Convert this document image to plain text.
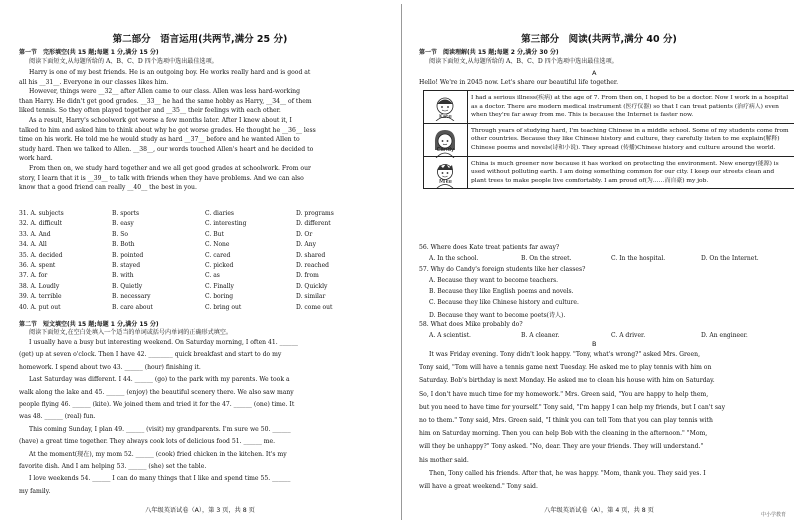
第二部分　语言运用(共两节,满分 25 分)
第一节　完形填空(共 15 题;每题 1 分,满分 15 分)
阅读下面短文,从每题所给的 A、B、C、D 四个选项中选出最佳选项。
Harry is one of my best friends. He is an outgoing boy. He works really hard and is good at
all his __31__. Everyone in our classes likes him.
However, things were __32__ after Allen came to our class. Allen was less hard-working
than Harry. He didn't get good grades. __33__ he had the same hobby as Harry, __34__ of them
liked tennis. So they often played together and __35__ their feelings with each other.
As a result, Harry's schoolwork got worse a few months later. After I knew about it, I
talked to him and asked him to think about why he got worse grades. He thought he __36__ less
time on his work. He told me he would study as hard __37__ before and he wanted Allen to
study hard. Then we talked to Allen. __38__, our words touched Allen's heart and he decided to
work hard.
From then on, we study hard together and we all get good grades at schoolwork. From our
story, I learn that it is __39__ to talk with friends when they have problems. And we can also
know that a good friend can really __40__ the best in you.
31. A. subjects	B. sports	C. diaries	D. programs
32. A. difficult	B. easy	C. interesting	D. different
33. A. And	B. So	C. But	D. Or
34. A. All	B. Both	C. None	D. Any
35. A. decided	B. pointed	C. cared	D. shared
36. A. spent	B. stayed	C. picked	D. reached
37. A. for	B. with	C. as	D. from
38. A. Loudly	B. Quietly	C. Finally	D. Quickly
39. A. terrible	B. necessary	C. boring	D. similar
40. A. put out	B. care about	C. bring out	D. come out
第二节　短文填空(共 15 题;每题 1 分,满分 15 分)
阅读下面短文,在空白处填入一个适当的单词或括号内单词的正确形式填空。
I usually have a busy but interesting weekend. On Saturday morning, I often 41. ______
(get) up at seven o'clock. Then I have 42. ________ quick breakfast and start to do my
homework. I spend about two 43. ______ (hour) finishing it.
Last Saturday was different. I 44. ______ (go) to the park with my parents. We took a
walk along the lake and 45. ______ (enjoy) the beautiful scenery there. We also saw many
people flying 46. ______ (kite). We joined them and tried it for the 47. ______ (one) time. It
was 48. ______ (real) fun.
This coming Sunday, I plan 49. ______ (visit) my grandparents. I'm sure we 50. ______
(have) a great time together. They always cook lots of delicious food 51. ______ me.
At the moment(现在), my mom 52. ______ (cook) fried chicken in the kitchen. It's my
favorite dish. And I am helping 53. ______ (she) set the table.
I love weekends 54. ______ I can do many things that I like and spend time 55. ______
my family.
八年级英语试卷（A），第 3 页，共 8 页
第三部分　阅读(共两节,满分 40 分)
第一节　阅读理解(共 15 题;每题 2 分,满分 30 分)
阅读下面短文,从每题所给的 A、B、C、D 四个选项中选出最佳选项。
A
Hello! We're in 2045 now. Let's share our beautiful life together.
Kate
I had a serious illness(疾病) at the age of 7. From then on, I hoped to be a doctor. Now I work in a hospital as a doctor. There are modern medical instrument (医疗仪器) so that I can treat patients (治疗病人) even when they're far away from me. This is because the Internet is faster now.
Candy
Through years of studying hard, I'm teaching Chinese in a middle school. Some of my students come from other countries. Because they like Chinese history and culture, they carefully listen to me explain(解释) Chinese poems and novels(诗和小说). They spread (传播)Chinese history and culture around the world.
Mike
China is much greener now because it has worked on protecting the environment. New energy(能源) is used without polluting earth. I am doing something common for our city. I keep our streets clean and plant trees to make people live comfortably. I am proud of(为……而自豪) my job.
56. Where does Kate treat patients far away?
A. In the school.	B. On the street.	C. In the hospital.	D. On the Internet.
57. Why do Candy's foreign students like her classes?
A. Because they want to become teachers.
B. Because they like English poems and novels.
C. Because they like Chinese history and culture.
D. Because they want to become poets(诗人).
58. What does Mike probably do?
A. A scientist.	B. A cleaner.	C. A driver.	D. An engineer.
B
It was Friday evening. Tony didn't look happy. "Tony, what's wrong?" asked Mrs. Green,
Tony said, "Tom will have a tennis game next Tuesday. He asked me to play tennis with him on
Saturday. Bob's birthday is next Monday. He asked me to clean his house with him on Saturday.
So, I don't have much time for my homework." Mrs. Green said, "You are happy to help them,
but you need to have time for yourself." Tony said, "I'm happy I can help my friends, but I can't say
no to them." Tony said, Mrs. Green said, "I think you can tell Tom that you can play tennis with
him on Saturday morning. Then you can help Bob with the cleaning in the afternoon." "Mom,
will they be unhappy?" Tony asked. "No, dear. They are your friends. They will understand."
his mother said.
Then, Tony called his friends. After that, he was happy. "Mom, thank you. They said yes. I
will have a great weekend." Tony said.
八年级英语试卷（A），第 4 页，共 8 页
中小学教育
